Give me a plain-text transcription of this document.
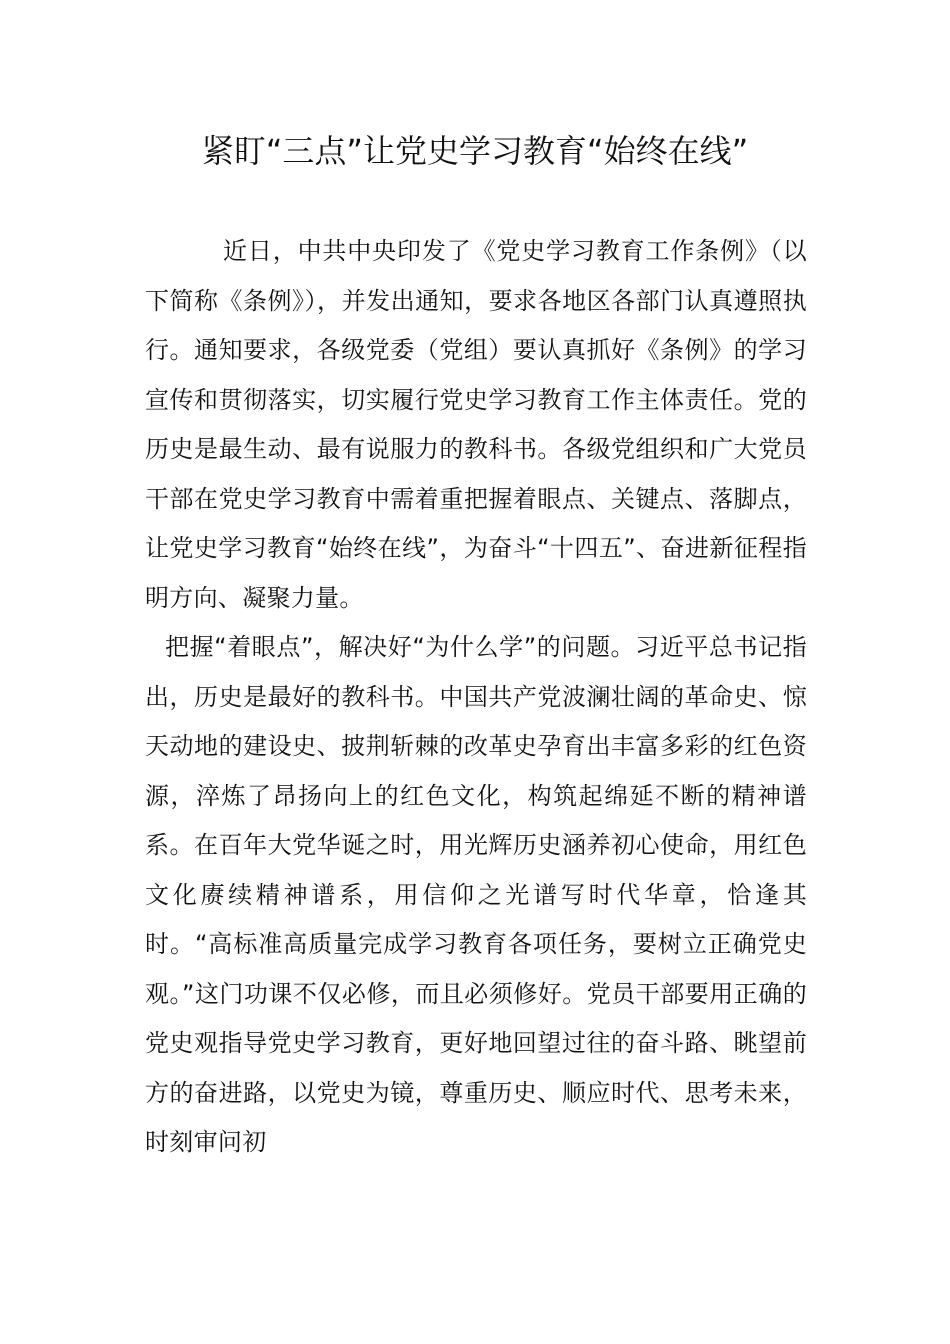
紧盯“三点”让党史学习教育“始终在线”

近日，中共中央印发了《党史学习教育工作条例》（以下简称《条例》），并发出通知，要求各地区各部门认真遵照执行。通知要求，各级党委（党组）要认真抓好《条例》的学习宣传和贯彻落实，切实履行党史学习教育工作主体责任。党的历史是最生动、最有说服力的教科书。各级党组织和广大党员干部在党史学习教育中需着重把握着眼点、关键点、落脚点，让党史学习教育“始终在线”，为奋斗“十四五”、奋进新征程指明方向、凝聚力量。

把握“着眼点”，解决好“为什么学”的问题。习近平总书记指出，历史是最好的教科书。中国共产党波澜壮阔的革命史、惊天动地的建设史、披荆斩棘的改革史孕育出丰富多彩的红色资源，淬炼了昂扬向上的红色文化，构筑起绵延不断的精神谱系。在百年大党华诞之时，用光辉历史涵养初心使命，用红色文化赓续精神谱系，用信仰之光谱写时代华章，恰逢其时。“高标准高质量完成学习教育各项任务，要树立正确党史观。”这门功课不仅必修，而且必须修好。党员干部要用正确的党史观指导党史学习教育，更好地回望过往的奋斗路、眺望前方的奋进路，以党史为镜，尊重历史、顺应时代、思考未来，时刻审问初
